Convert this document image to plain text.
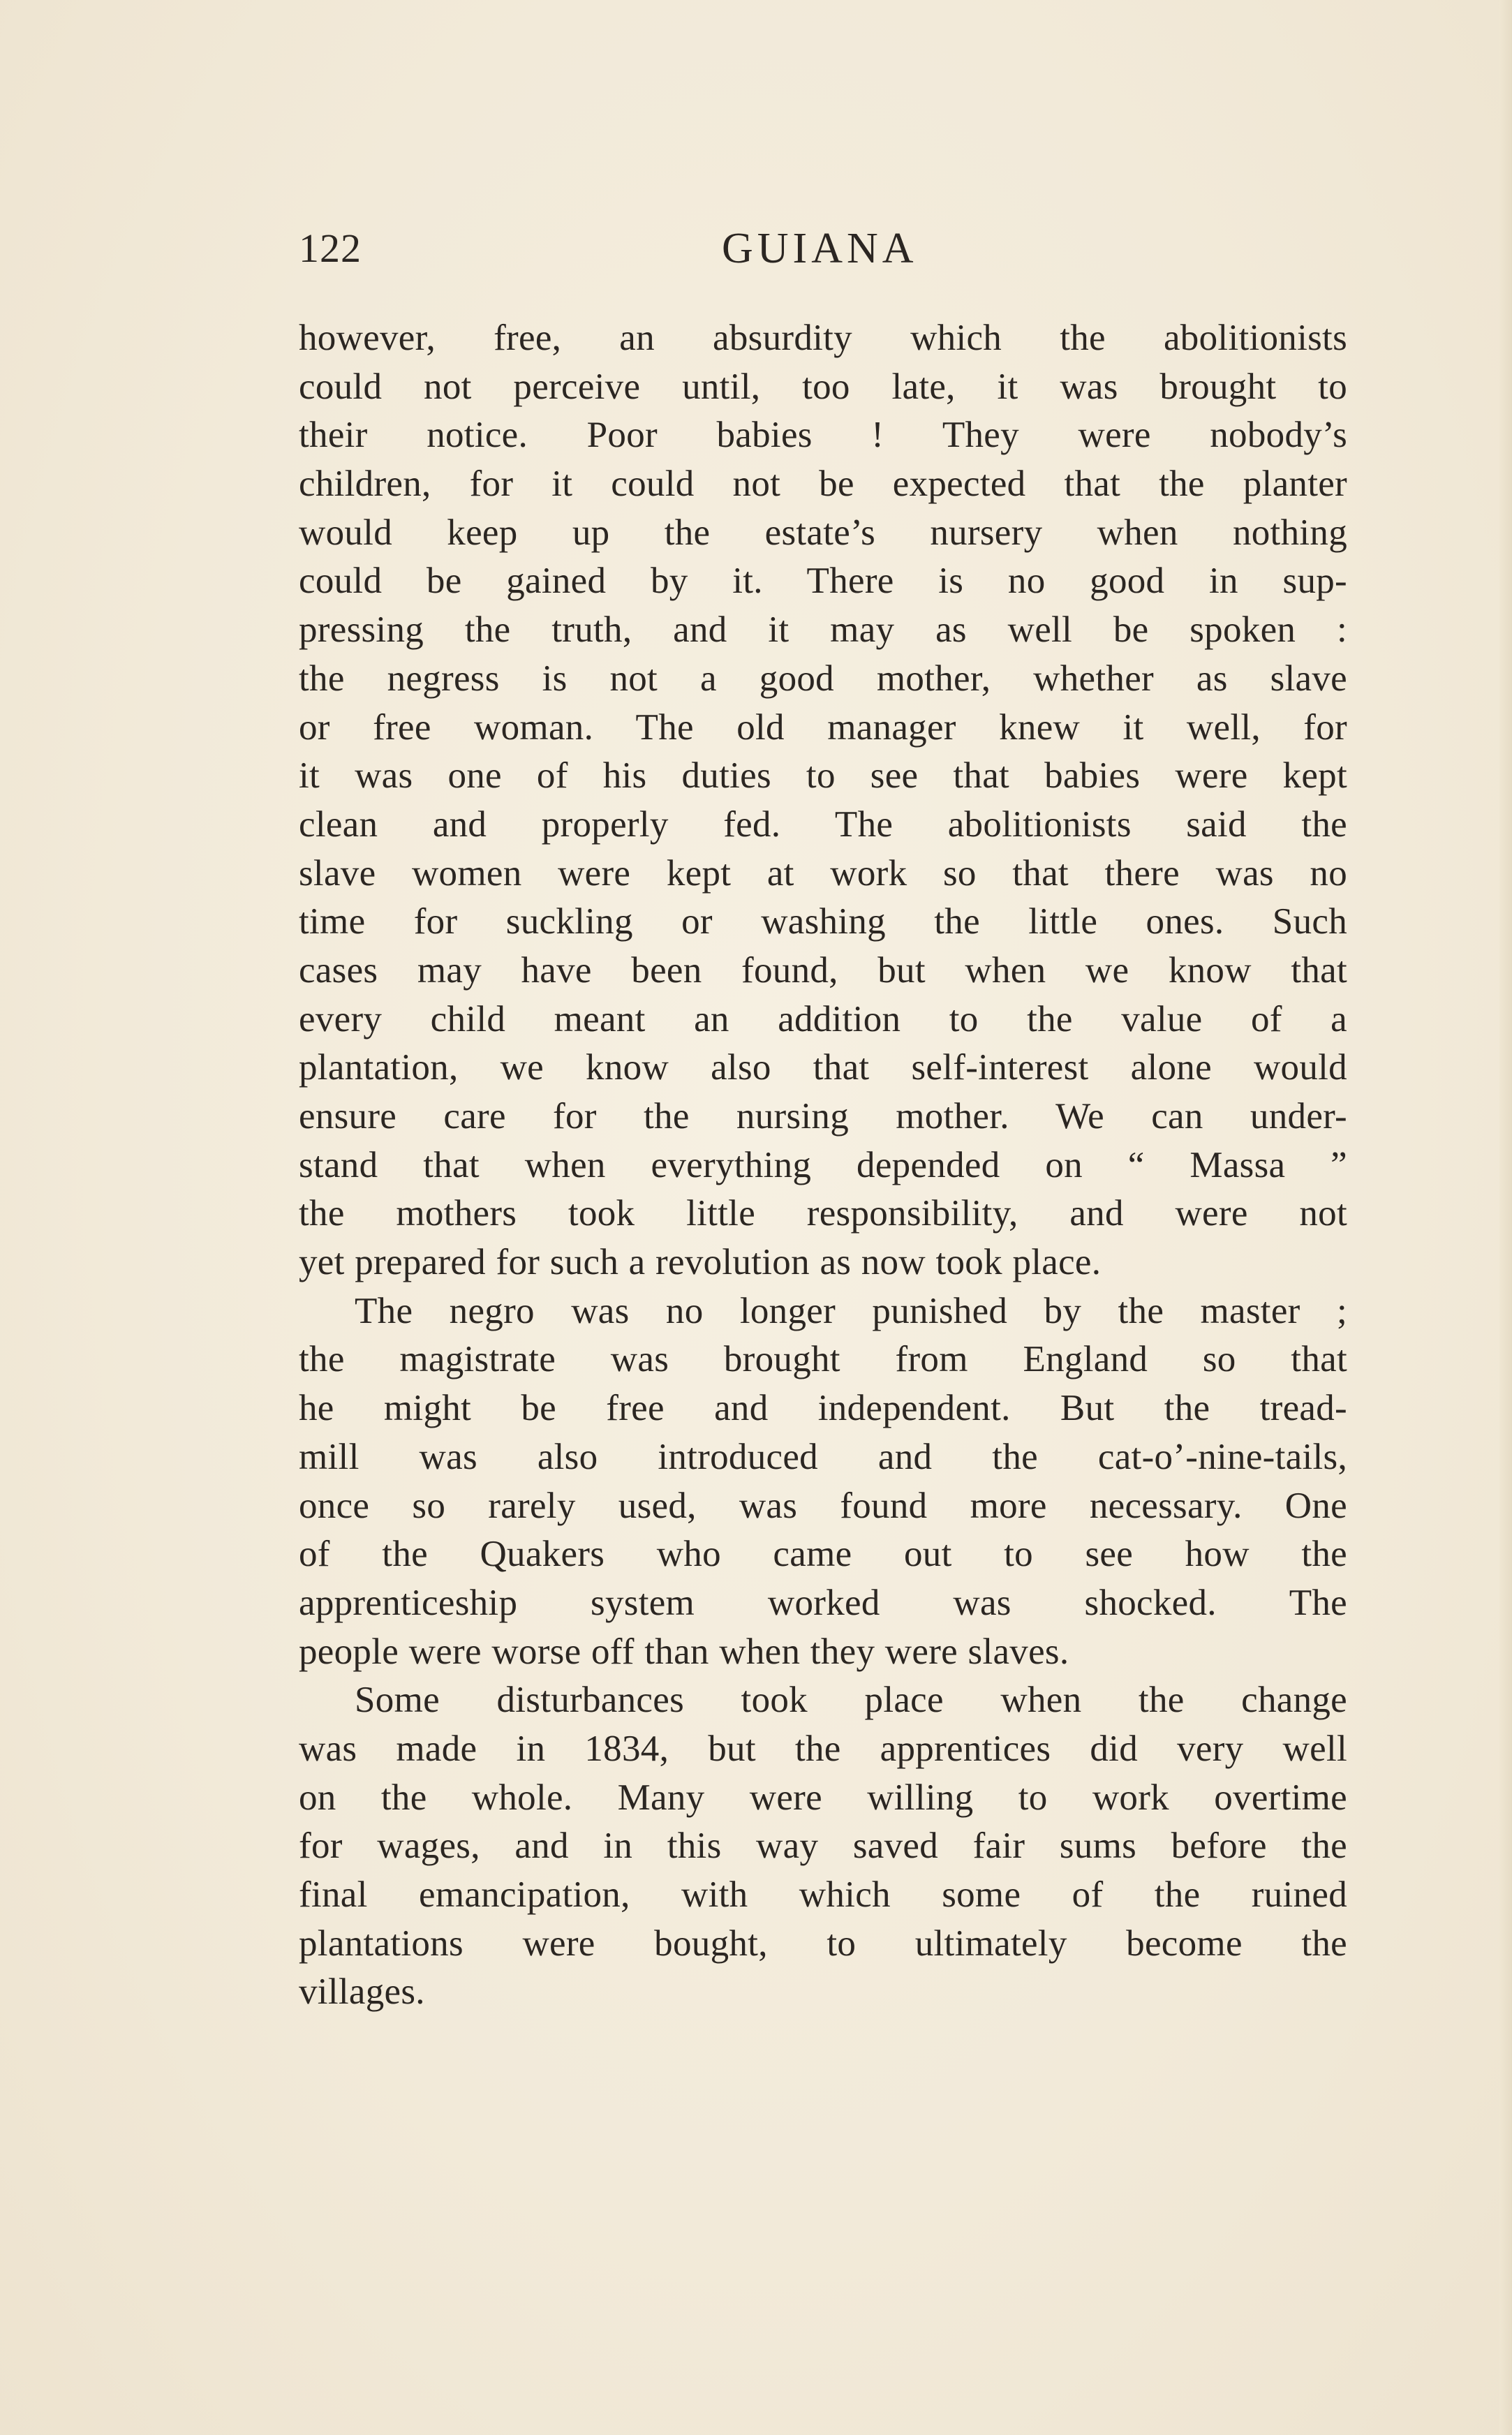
122	GUIANA
however, free, an absurdity which the abolitionists
could not perceive until, too late, it was brought to
their notice. Poor babies ! They were nobody’s
children, for it could not be expected that the planter
would keep up the estate’s nursery when nothing
could be gained by it. There is no good in sup-
pressing the truth, and it may as well be spoken :
the negress is not a good mother, whether as slave
or free woman. The old manager knew it well, for
it was one of his duties to see that babies were kept
clean and properly fed. The abolitionists said the
slave women were kept at work so that there was no
time for suckling or washing the little ones. Such
cases may have been found, but when we know that
every child meant an addition to the value of a
plantation, we know also that self-interest alone would
ensure care for the nursing mother. We can under-
stand that when everything depended on “ Massa ”
the mothers took little responsibility, and were not
yet prepared for such a revolution as now took place.
The negro was no longer punished by the master ;
the magistrate was brought from England so that
he might be free and independent. But the tread-
mill was also introduced and the cat-o’-nine-tails,
once so rarely used, was found more necessary. One
of the Quakers who came out to see how the
apprenticeship system worked was shocked. The
people were worse off than when they were slaves.
Some disturbances took place when the change
was made in 1834, but the apprentices did very well
on the whole. Many were willing to work overtime
for wages, and in this way saved fair sums before the
final emancipation, with which some of the ruined
plantations were bought, to ultimately become the
villages.
